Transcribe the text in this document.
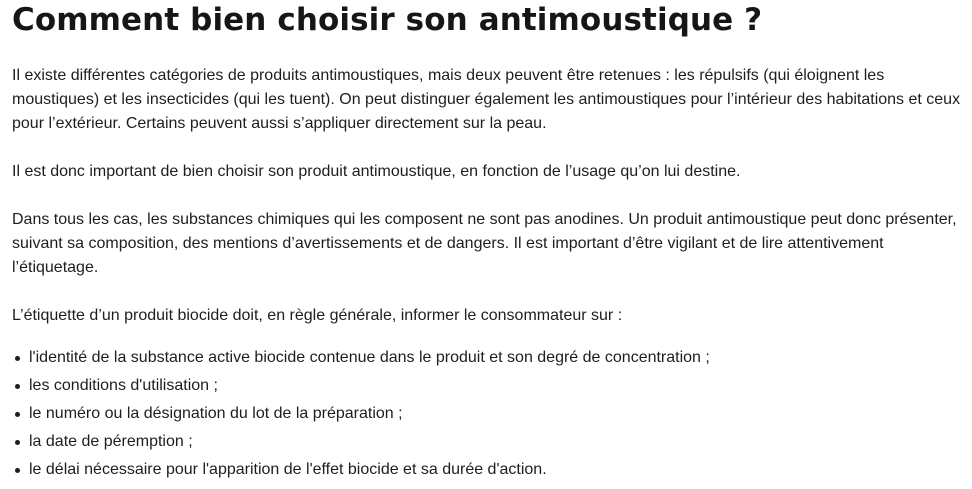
Comment bien choisir son antimoustique ?

Il existe différentes catégories de produits antimoustiques, mais deux peuvent être retenues : les répulsifs (qui éloignent les moustiques) et les insecticides (qui les tuent). On peut distinguer également les antimoustiques pour l’intérieur des habitations et ceux pour l’extérieur. Certains peuvent aussi s’appliquer directement sur la peau.

Il est donc important de bien choisir son produit antimoustique, en fonction de l’usage qu’on lui destine.

Dans tous les cas, les substances chimiques qui les composent ne sont pas anodines. Un produit antimoustique peut donc présenter, suivant sa composition, des mentions d’avertissements et de dangers. Il est important d’être vigilant et de lire attentivement l’étiquetage.

L’étiquette d’un produit biocide doit, en règle générale, informer le consommateur sur :

l'identité de la substance active biocide contenue dans le produit et son degré de concentration ;
les conditions d'utilisation ;
le numéro ou la désignation du lot de la préparation ;
la date de péremption ;
le délai nécessaire pour l'apparition de l'effet biocide et sa durée d'action.
